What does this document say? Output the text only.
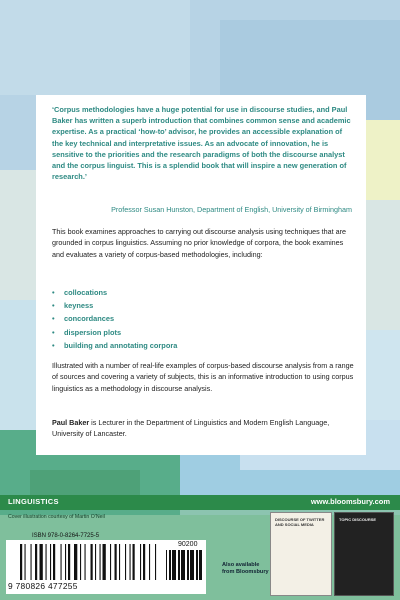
‘Corpus methodologies have a huge potential for use in discourse studies, and Paul Baker has written a superb introduction that combines common sense and academic expertise. As a practical ‘how-to’ advisor, he provides an accessible explanation of the key technical and interpretative issues. As an advocate of innovation, he is sensitive to the priorities and the research paradigms of both the discourse analyst and the corpus linguist. This is a splendid book that will inspire a new generation of research.’

Professor Susan Hunston, Department of English, University of Birmingham

This book examines approaches to carrying out discourse analysis using techniques that are grounded in corpus linguistics. Assuming no prior knowledge of corpora, the book examines and evaluates a variety of corpus-based methodologies, including:

• collocations
• keyness
• concordances
• dispersion plots
• building and annotating corpora

Illustrated with a number of real-life examples of corpus-based discourse analysis from a range of sources and covering a variety of subjects, this is an informative introduction to using corpus linguistics as a methodology in discourse analysis.

Paul Baker is Lecturer in the Department of Linguistics and Modern English Language, University of Lancaster.

LINGUISTICS	www.bloomsbury.com
Cover illustration courtesy of Martin O’Neil
ISBN 978-0-8264-7725-5
90200
9 780826 477255
Also available
from Bloomsbury
DISCOURSE OF TWITTER AND SOCIAL MEDIA
TOPIC DISCOURSE
